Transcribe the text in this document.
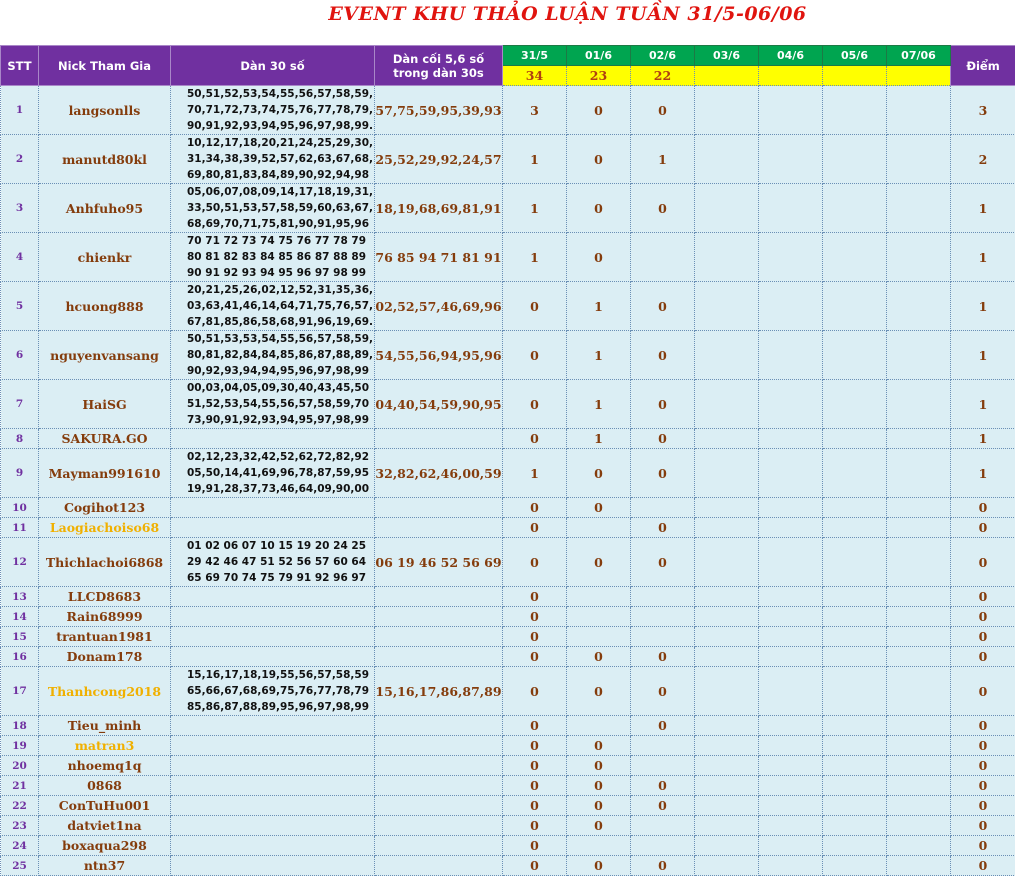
EVENT KHU THẢO LUẬN TUẦN 31/5-06/06
STT	Nick Tham Gia	Dàn 30 số	Dàn cối 5,6 số trong dàn 30s	31/5	01/6	02/6	03/6	04/6	05/6	07/06	Điểm
				34	23	22					
1	langsonlls	50,51,52,53,54,55,56,57,58,59,
70,71,72,73,74,75,76,77,78,79,
90,91,92,93,94,95,96,97,98,99.	57,75,59,95,39,93	3	0	0					3
2	manutd80kl	10,12,17,18,20,21,24,25,29,30,
31,34,38,39,52,57,62,63,67,68,
69,80,81,83,84,89,90,92,94,98	25,52,29,92,24,57	1	0	1					2
3	Anhfuho95	05,06,07,08,09,14,17,18,19,31,
33,50,51,53,57,58,59,60,63,67,
68,69,70,71,75,81,90,91,95,96	18,19,68,69,81,91	1	0	0					1
4	chienkr	70 71 72 73 74 75 76 77 78 79
80 81 82 83 84 85 86 87 88 89
90 91 92 93 94 95 96 97 98 99	76 85 94 71 81 91	1	0						1
5	hcuong888	20,21,25,26,02,12,52,31,35,36,
03,63,41,46,14,64,71,75,76,57,
67,81,85,86,58,68,91,96,19,69.	02,52,57,46,69,96	0	1	0					1
6	nguyenvansang	50,51,53,53,54,55,56,57,58,59,
80,81,82,84,84,85,86,87,88,89,
90,92,93,94,94,95,96,97,98,99	54,55,56,94,95,96	0	1	0					1
7	HaiSG	00,03,04,05,09,30,40,43,45,50
51,52,53,54,55,56,57,58,59,70
73,90,91,92,93,94,95,97,98,99	04,40,54,59,90,95	0	1	0					1
8	SAKURA.GO			0	1	0					1
9	Mayman991610	02,12,23,32,42,52,62,72,82,92
05,50,14,41,69,96,78,87,59,95
19,91,28,37,73,46,64,09,90,00	32,82,62,46,00,59	1	0	0					1
10	Cogihot123			0	0						0
11	Laogiachoiso68			0		0					0
12	Thichlachoi6868	01 02 06 07 10 15 19 20 24 25
29 42 46 47 51 52 56 57 60 64
65 69 70 74 75 79 91 92 96 97	06 19 46 52 56 69	0	0	0					0
13	LLCD8683			0							0
14	Rain68999			0							0
15	trantuan1981			0							0
16	Donam178			0	0	0					0
17	Thanhcong2018	15,16,17,18,19,55,56,57,58,59
65,66,67,68,69,75,76,77,78,79
85,86,87,88,89,95,96,97,98,99	15,16,17,86,87,89	0	0	0					0
18	Tieu_minh			0		0					0
19	matran3			0	0						0
20	nhoemq1q			0	0						0
21	0868			0	0	0					0
22	ConTuHu001			0	0	0					0
23	datviet1na			0	0						0
24	boxaqua298			0							0
25	ntn37			0	0	0					0
